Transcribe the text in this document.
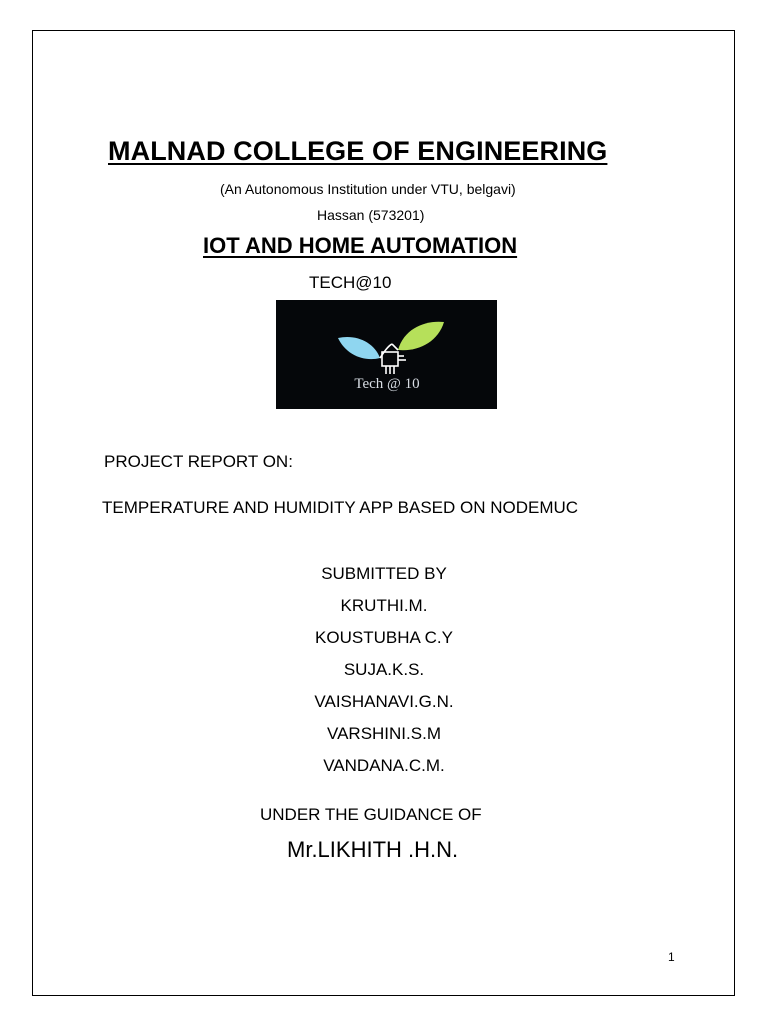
MALNAD COLLEGE OF ENGINEERING
(An Autonomous Institution under VTU, belgavi)
Hassan (573201)
IOT AND HOME AUTOMATION
TECH@10
Tech @ 10
PROJECT REPORT ON:
TEMPERATURE AND HUMIDITY APP BASED ON NODEMUC
SUBMITTED BY
KRUTHI.M.
KOUSTUBHA C.Y
SUJA.K.S.
VAISHANAVI.G.N.
VARSHINI.S.M
VANDANA.C.M.
UNDER THE GUIDANCE OF
Mr.LIKHITH .H.N.
1
